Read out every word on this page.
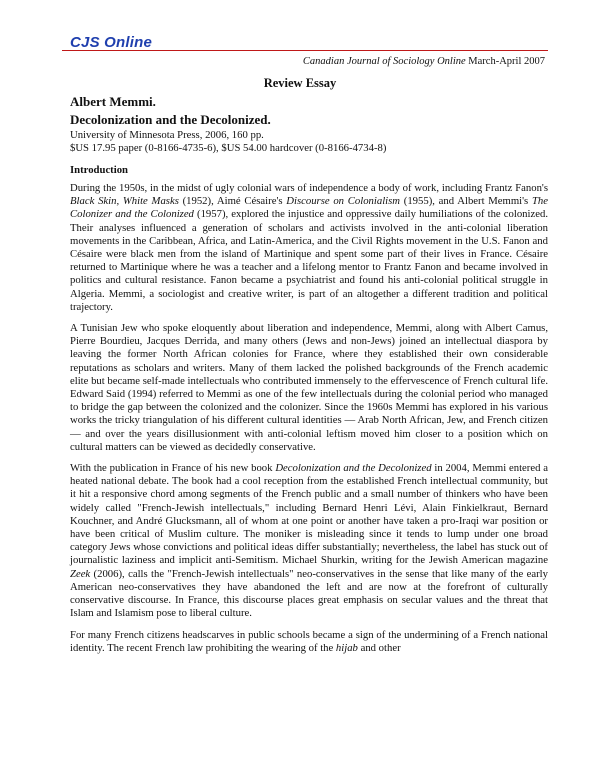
CJS Online
Canadian Journal of Sociology Online March-April 2007
Review Essay

Albert Memmi.

Decolonization and the Decolonized.

University of Minnesota Press, 2006, 160 pp.

$US 17.95 paper (0-8166-4735-6), $US 54.00 hardcover (0-8166-4734-8)

Introduction

During the 1950s, in the midst of ugly colonial wars of independence a body of work, including Frantz Fanon's Black Skin, White Masks (1952), Aimé Césaire's Discourse on Colonialism (1955), and Albert Memmi's The Colonizer and the Colonized (1957), explored the injustice and oppressive daily humiliations of the colonized. Their analyses influenced a generation of scholars and activists involved in the anti-colonial liberation movements in the Caribbean, Africa, and Latin-America, and the Civil Rights movement in the U.S. Fanon and Césaire were black men from the island of Martinique and spent some part of their lives in France. Césaire returned to Martinique where he was a teacher and a lifelong mentor to Frantz Fanon and became involved in politics and cultural resistance. Fanon became a psychiatrist and found his anti-colonial political struggle in Algeria. Memmi, a sociologist and creative writer, is part of an altogether a different tradition and political trajectory.

A Tunisian Jew who spoke eloquently about liberation and independence, Memmi, along with Albert Camus, Pierre Bourdieu, Jacques Derrida, and many others (Jews and non-Jews) joined an intellectual diaspora by leaving the former North African colonies for France, where they established their own considerable reputations as scholars and writers. Many of them lacked the polished backgrounds of the French academic elite but became self-made intellectuals who contributed immensely to the effervescence of French cultural life. Edward Said (1994) referred to Memmi as one of the few intellectuals during the colonial period who managed to bridge the gap between the colonized and the colonizer. Since the 1960s Memmi has explored in his various works the tricky triangulation of his different cultural identities — Arab North African, Jew, and French citizen — and over the years disillusionment with anti-colonial leftism moved him closer to a position which on cultural matters can be viewed as decidedly conservative.

With the publication in France of his new book Decolonization and the Decolonized in 2004, Memmi entered a heated national debate. The book had a cool reception from the established French intellectual community, but it hit a responsive chord among segments of the French public and a small number of thinkers who have been widely called "French-Jewish intellectuals," including Bernard Henri Lévi, Alain Finkielkraut, Bernard Kouchner, and André Glucksmann, all of whom at one point or another have taken a pro-Iraqi war position or have been critical of Muslim culture. The moniker is misleading since it tends to lump under one broad category Jews whose convictions and political ideas differ substantially; nevertheless, the label has stuck out of journalistic laziness and implicit anti-Semitism. Michael Shurkin, writing for the Jewish American magazine Zeek (2006), calls the "French-Jewish intellectuals" neo-conservatives in the sense that like many of the early American neo-conservatives they have abandoned the left and are now at the forefront of culturally conservative discourse. In France, this discourse places great emphasis on secular values and the threat that Islam and Islamism pose to liberal culture.

For many French citizens headscarves in public schools became a sign of the undermining of a French national identity. The recent French law prohibiting the wearing of the hijab and other
